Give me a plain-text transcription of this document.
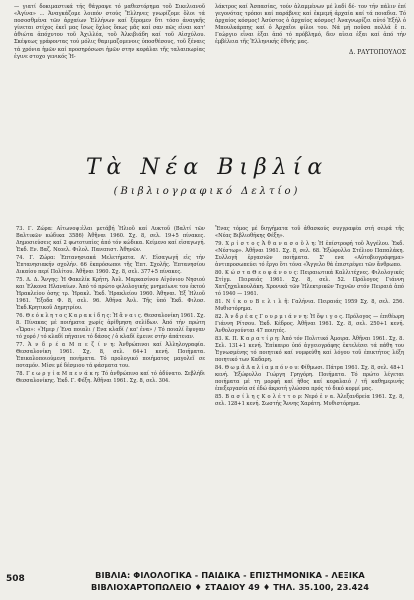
— γιατί δοκιμαστικά τής θάγραψε τό μαθεστόρημα τοῦ Σικελιανοῦ «Ἀγίνα» ... Ἀναγκάζομε λοιπόν στούς Ἕλληνες γνωρίζομε ὅλοι τά ποσοσθμένα τῶν ἀρχαίων Ἑλλήνων καί ξέρομεν δτι τόσο ἀναγκῆς γίνεται στίχος ἐκεῖ μας ἴσως ὅχλος ὅπως μᾶς καί σαν πῶς εἶναι κατ' ἀθιώτα ἀπόχυτου τοῦ Ἀχιλλέα, τοῦ Ἀλκιβιάδη καί τοῦ Αἰσχύλου. Σκέψεως γράφοντας τού μόλις θαμιμαζομενοις ὑποσθέσους, τοῦ ξέναις τά χρόνια ἡμῶν καί προσηρόσωσι ἡμῶν στην κεφάλαι τῆς ταλαιπωρίας ἐγινε στοχο γενικός Ἡ-

λάκτρος καί Ἀσπασίας, τούν ἀλαμμένων μέ λαδί δέ- τον τήν πάλιν ἐπί γεγονότας τρόποι καί παράβνες καί ἐκμεμή ἀρχαία καί τά ποιαδια. Τό ἀρχαίος κόσμος! Ἀσύστος ὁ ἀρχαίος κόσμος! Ἀναγνωρίζει αὐτό Ἐξήλ ὁ Μπουλκάρπης καί ὁ Ἀρχαῖοι φίλοι του. Νά μή ποῦσα πολλά ἔ π. Γεώργιο εἶναι ἐξαι ἀπό τό πρόβλημό, δεν αἰεια ἐξαι καί ἀπό τήν ἐμβέλεια τῆς Ἑλληνικής ἐθνής μας.

Δ. ΡΑΥΤΟΠΟΥΛΟΣ
Τὰ Νέα Βιβλία
(Βιβλιογραφικό Δελτίο)

73. Γ. Ζώρα: Αἰτωνοψ:ἐλαι μετάβή Ἠλιοῦ καί Λυκτοῦ (Βαλτί τῶν Βαλτικῶν κώδικα 3586) Ἀθῆναι 1960. Σχ. 8, σελ. 19+5 πίνακες. Δημοσιεύσεις καί 2 φωτοτυπίες ἀπό τόν κώδικα. Κείμενο καί εἰσαγωγή. Ἐκδ. Εν. Βαζ. Νεοελ. Φιλολ. Πανεπιστ. Ἀθηνῶν.

74. Γ. Ζώρα: Ἐπτανησιακά Μελετήματα. Α'. Εἰσαγωγή εἰς τήν Ἐπτανησιακήν σχολήν. 66 ἐκπρόσωποι τῆς Ἐπτ. Σχολῆς. Ἐπτανησίου Δικαίου περί Πολίτου. Ἀθῆναι 1960. Σχ. 8, σελ. 377+5 πίνακες.

75. Δ. Δ. Ἄνγης: Ἡ Φακελίκ Κρήτη. Ἀνλ. Μαρκασίνου Αἰγόνιου Νησιού και Ἐλκονα Ηλαναίων. Ἀπό τό πρώτο φιλολογικής μνημείωνε του ἐκτού Ἡρακλείου ὁσης τρ. Ἡρακλ. Ἐκδ. Ἠρακλείου 1960. Ἀθηναι. Ἐξ Ἠλιοῦ 1961. Ἔξοδα Φ. 8, σελ. 96. Ἀθήνα Ἀνλ. Τῆς ὑπό Ἐκδ. Φιλοσ. Ἐκδ.Κρητικοῦ Δημητρίου.

76. Θ ε ό κ λ η τ ο ς Κ α ρ α κ ί δ η ς: Ἠ ἄ ν α ι ς. Θεσσαλονίκη 1961. Σχ. 8. Πίνακας μέ ποιήματα χωρίς ἀρίθμηση σελίδων. Ἀπό τήν πρώτη «Ὥρα»: «Ἡμερ / Ἐνα ποιαλι / Ενα κλαδί / κα' ἐνα» / Τό ποιαλί ἔφυγαν τό χορό / τό κλαδί πήγαινε τό δάσος / ὁ κλαδί ἐμεινε στήν ἀπάτειαν.

77. Ἀ ν δ ρ έ α Μ π ε ζ ί ν η: Ἀνθρώπινοι καί Ἀλληλογραφία. Θεσσαλονίκη 1961. Σχ. 8, σελ. 64+1 κενή. Ποιήματα. Ἐπικαλοποιούμενη ποιήματα. Τό προλογικό ποιήματος μαγολεῖ σε ποταμόν. Μίσε μέ δέσμιου τά φάσματα του.

78. Γ ε ω ρ γ ί α Μ π ε ν ά κ η: Τό ἀνθρώπινο καί τό ἀδύνατο. Σεβλήδι Θεσσαλονίκης. Ἐκδ. Γ. Φέξη. Ἀθῆναι 1961. Σχ. 8, σελ. 304.

Ἕνας τόμος μέ διηγήματα τοῦ ἀθασκούς συγγραφέα στή σειρά τῆς «Νέας Βιβλιοθήκης Φέξη».

79. Χ ρ ί σ τ ο ς Ἀ θ α ν α σ ο ῦ λ η: Ἡ ἐπίστροφή τοῦ Ἀγγέλου. Ἐκδ. «Νέστωρ». Ἀθῆναι 1961. Σχ. 8, σελ. 68. Ἐξώφυλλο Στέλιου Παπαλάκη. Συλλογή ἐργασιῶν ποιήματα. Σ' ενα «Αὐτοβιογράφημα» ἀντιπροσωπεύει τό ἔργο ὅτι τόνα «Ἄγγελο θά ἐπιστρέψει τῶν ἄνθρωπο.

80. Κ ώ σ τ α Θ ε ο φ ά ν ο υ ς: Πειραιωτικά Καλλιτέχνες. Φιλολογικές Στίγμ. Πειραιάς 1961. Σχ. 8, σελ. 52. Πρόλογος Γιάννη Χατζηχαλκουλάκη. Χρονικά τῶν Ἠλεκτρικῶν Τεχνῶν στόν Πειραιά ἀπό τό 1940 — 1961.

81. Ν ί κ ο υ Β ε λ ι λ ῆ: Γαλήνια. Πειραιάς 1959 Σχ. 8, σελ. 256. Μυθιστόρημα.

82. Ἀ ν δ ρ έ α ς Γ ο υ ρ μ ι ά ν ν η: Ἡ ὄψ ι γ ο ς. Πρόλογος — ἐπιθέωρη Γιάννη Ρίτσου. Ἐκδ. Κέδρος. Ἀθῆναι 1961. Σχ. 8, σελ. 250+1 κενή. Ἀνθολογούνται 47 ποιητές.

83. Κ. Π. Κ α ρ α τ ί ρ η: Ἀπό τόν Πολιτικό Ἀμοιρα. Ἀθῆναι 1961. Σχ. 8. Σελ. 131+1 κενή. Ἐπίκαιρο ὑπό ἀγγειογράφης ἐκτελέσει τά πάθη του Ἐγνωσμένης τό ποιητικό καί νυμφεύθη καί λόγου τοῦ ἐπικτήτος λέξη ποιητικό των Καδαρη.

84. Θ ω μ ᾶ Δ α λ ί α μ π ό ν ο υ: Φίθμωσι. Πάτρα 1961. Σχ. 8, σελ. 48+1 κενή. Ἐξώφυλλο Γιώργη Γρηγόρη. Ποιήματα. Τό πρώτο λέγεται ποιήματα μέ τη μορφή καί ἠθος καί κεφαλαιό / τῆ καθημερινής ἐπεξεργασία σέ ἐδώ ἀκροτή γλώσσα πρός τό δικό κορμί μας.

85. Β α σ ί λ η ς Κ ο λ έ τ τ ο ρ: Νερό ἐ ν α. Ἀλεξανδρεία 1961. Σχ. 8, σελ. 128+1 κενή. Σωστής Ἄννης Χαράτη. Μυθιστόρημα.

508	ΒΙΒΛΙΑ: ΦΙΛΟΛΟΓΙΚΑ - ΠΑΙΔΙΚΑ - ΕΠΙΣΤΗΜΟΝΙΚΑ - ΛΕΞΙΚΑ
ΒΙΒΛΙΟΧΑΡΤΟΠΩΛΕΙΟ ♦ ΣΤΑΔΙΟΥ 49 ♦ ΤΗΛ. 35.100, 23.424
